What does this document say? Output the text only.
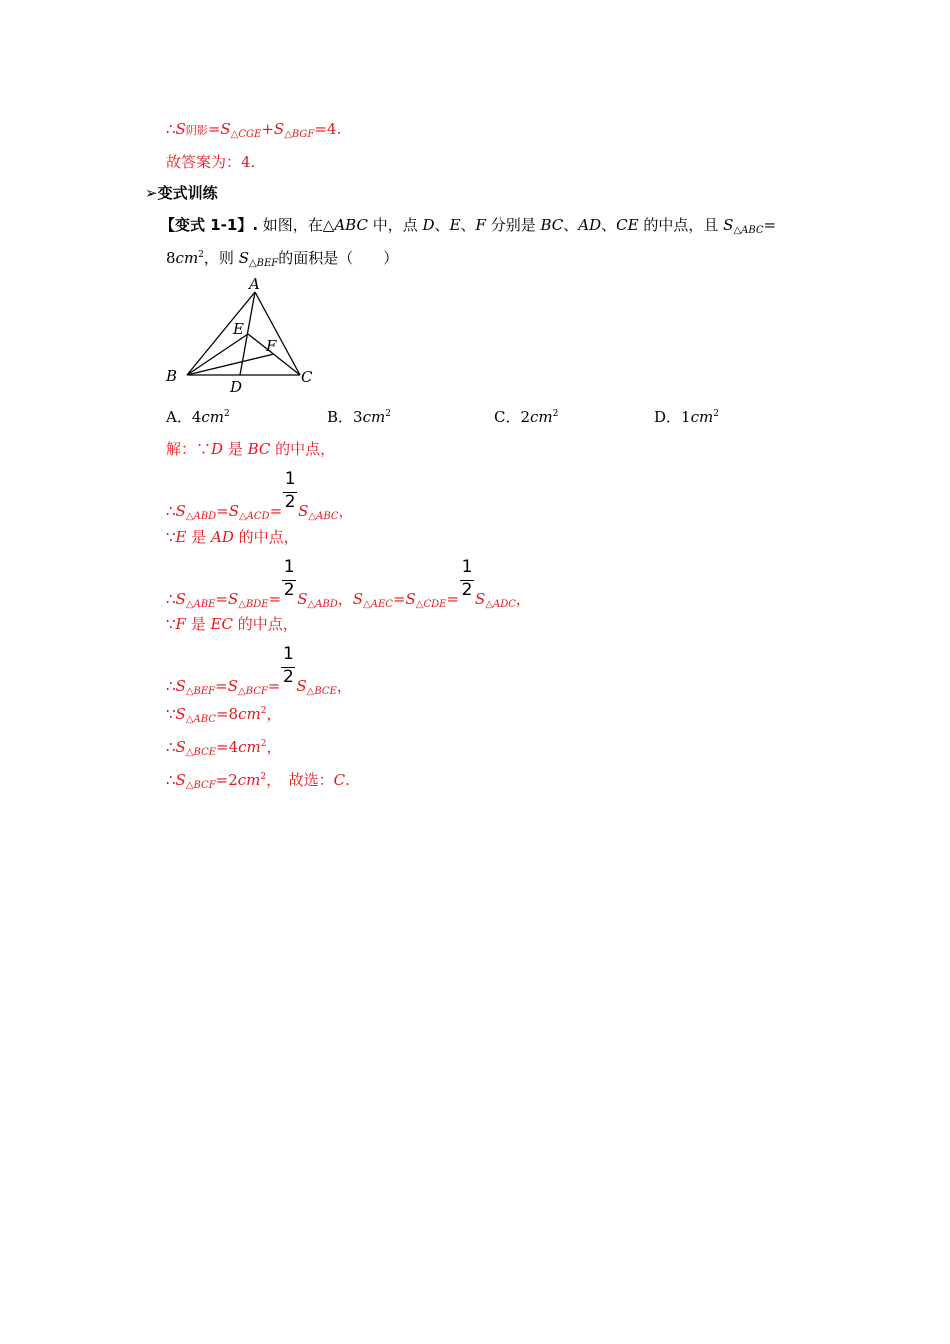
∴S阴影$=S_{\triangle CGE}+S_{\triangle BGF}=4$.
故答案为：4.
➢变式训练
【变式 1-1】. 如图，在△ABC 中，点 D、E、F 分别是 BC、AD、CE 的中点，且 $S_{\triangle ABC}=$
$8cm^2$，则 $S_{\triangle BEF}$的面积是（　　）
A
B	C
D
E
F
A．$4cm^2$	B．$3cm^2$	C．$2cm^2$	D．$1cm^2$
解：∵D 是 BC 的中点，
$\therefore S_{\triangle ABD}=S_{\triangle ACD}= \frac{1}{2} S_{\triangle ABC}$，
∵E 是 AD 的中点，
$\therefore S_{\triangle ABE}=S_{\triangle BDE}= \frac{1}{2} S_{\triangle ABD}$，$S_{\triangle AEC}=S_{\triangle CDE}= \frac{1}{2} S_{\triangle ADC}$，
∵F 是 EC 的中点，
$\therefore S_{\triangle BEF}=S_{\triangle BCF}= \frac{1}{2} S_{\triangle BCE}$，
$\because S_{\triangle ABC}=8cm^2$，
$\therefore S_{\triangle BCE}=4cm^2$，
$\therefore S_{\triangle BCF}=2cm^2$，　故选：C.
